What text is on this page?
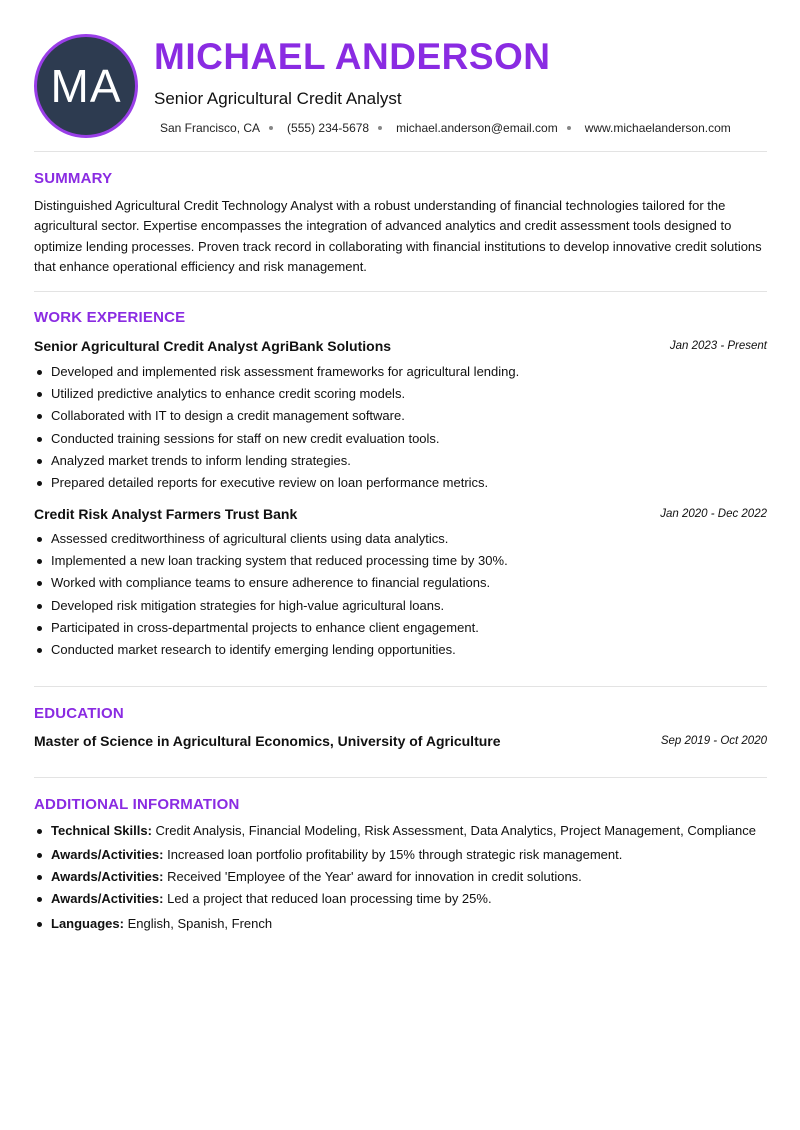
MA
MICHAEL ANDERSON
Senior Agricultural Credit Analyst
San Francisco, CA (555) 234-5678 michael.anderson@email.com www.michaelanderson.com
SUMMARY
Distinguished Agricultural Credit Technology Analyst with a robust understanding of financial technologies tailored for the agricultural sector. Expertise encompasses the integration of advanced analytics and credit assessment tools designed to optimize lending processes. Proven track record in collaborating with financial institutions to develop innovative credit solutions that enhance operational efficiency and risk management.
WORK EXPERIENCE
Senior Agricultural Credit Analyst AgriBank Solutions	Jan 2023 - Present
Developed and implemented risk assessment frameworks for agricultural lending.
Utilized predictive analytics to enhance credit scoring models.
Collaborated with IT to design a credit management software.
Conducted training sessions for staff on new credit evaluation tools.
Analyzed market trends to inform lending strategies.
Prepared detailed reports for executive review on loan performance metrics.
Credit Risk Analyst Farmers Trust Bank	Jan 2020 - Dec 2022
Assessed creditworthiness of agricultural clients using data analytics.
Implemented a new loan tracking system that reduced processing time by 30%.
Worked with compliance teams to ensure adherence to financial regulations.
Developed risk mitigation strategies for high-value agricultural loans.
Participated in cross-departmental projects to enhance client engagement.
Conducted market research to identify emerging lending opportunities.
EDUCATION
Master of Science in Agricultural Economics, University of Agriculture	Sep 2019 - Oct 2020
ADDITIONAL INFORMATION
Technical Skills: Credit Analysis, Financial Modeling, Risk Assessment, Data Analytics, Project Management, Compliance
Awards/Activities: Increased loan portfolio profitability by 15% through strategic risk management.
Awards/Activities: Received 'Employee of the Year' award for innovation in credit solutions.
Awards/Activities: Led a project that reduced loan processing time by 25%.
Languages: English, Spanish, French
